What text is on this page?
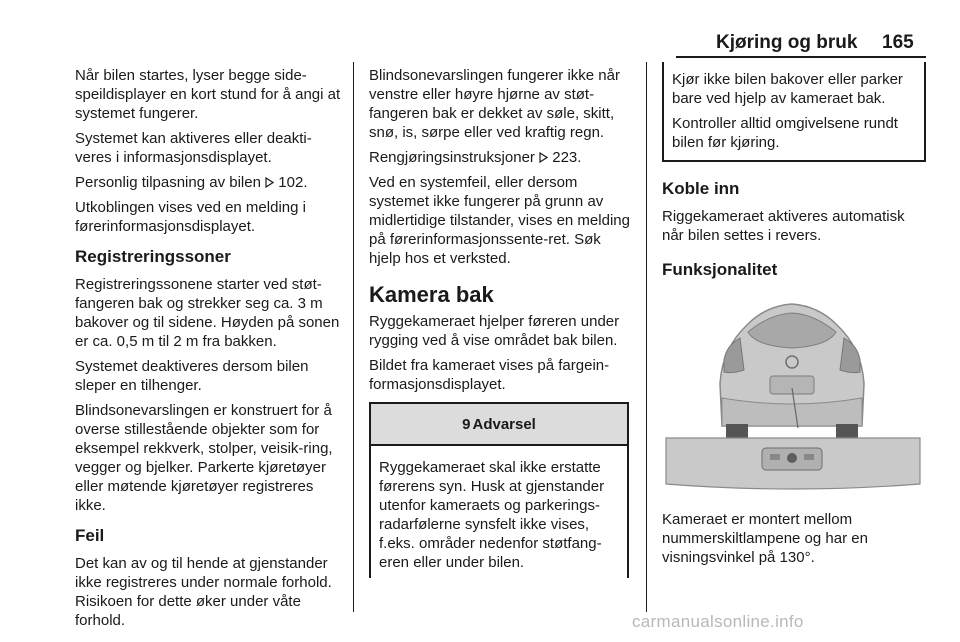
Kjøring og bruk 165

Når bilen startes, lyser begge side-speildisplayer en kort stund for å angi at systemet fungerer.

Systemet kan aktiveres eller deakti-veres i informasjonsdisplayet.

Personlig tilpasning av bilen 102.

Utkoblingen vises ved en melding i førerinformasjonsdisplayet.

Registreringssoner

Registreringssonene starter ved støt-fangeren bak og strekker seg ca. 3 m bakover og til sidene. Høyden på sonen er ca. 0,5 m til 2 m fra bakken.

Systemet deaktiveres dersom bilen sleper en tilhenger.

Blindsonevarslingen er konstruert for å overse stillestående objekter som for eksempel rekkverk, stolper, veisik-ring, vegger og bjelker. Parkerte kjøretøyer eller møtende kjøretøyer registreres ikke.

Feil

Det kan av og til hende at gjenstander ikke registreres under normale forhold. Risikoen for dette øker under våte forhold.

Blindsonevarslingen fungerer ikke når venstre eller høyre hjørne av støt-fangeren bak er dekket av søle, skitt, snø, is, sørpe eller ved kraftig regn.

Rengjøringsinstruksjoner 223.

Ved en systemfeil, eller dersom systemet ikke fungerer på grunn av midlertidige tilstander, vises en melding på førerinformasjonssente-ret. Søk hjelp hos et verksted.

Kamera bak

Ryggekameraet hjelper føreren under rygging ved å vise området bak bilen.

Bildet fra kameraet vises på fargein-formasjonsdisplayet.

9 Advarsel

Ryggekameraet skal ikke erstatte førerens syn. Husk at gjenstander utenfor kameraets og parkerings-radarfølerne synsfelt ikke vises, f.eks. områder nedenfor støtfang-eren eller under bilen.

Kjør ikke bilen bakover eller parker bare ved hjelp av kameraet bak.

Kontroller alltid omgivelsene rundt bilen før kjøring.

Koble inn

Riggekameraet aktiveres automatisk når bilen settes i revers.

Funksjonalitet

Kameraet er montert mellom nummerskiltlampene og har en visningsvinkel på 130°.

carmanualsonline.info
